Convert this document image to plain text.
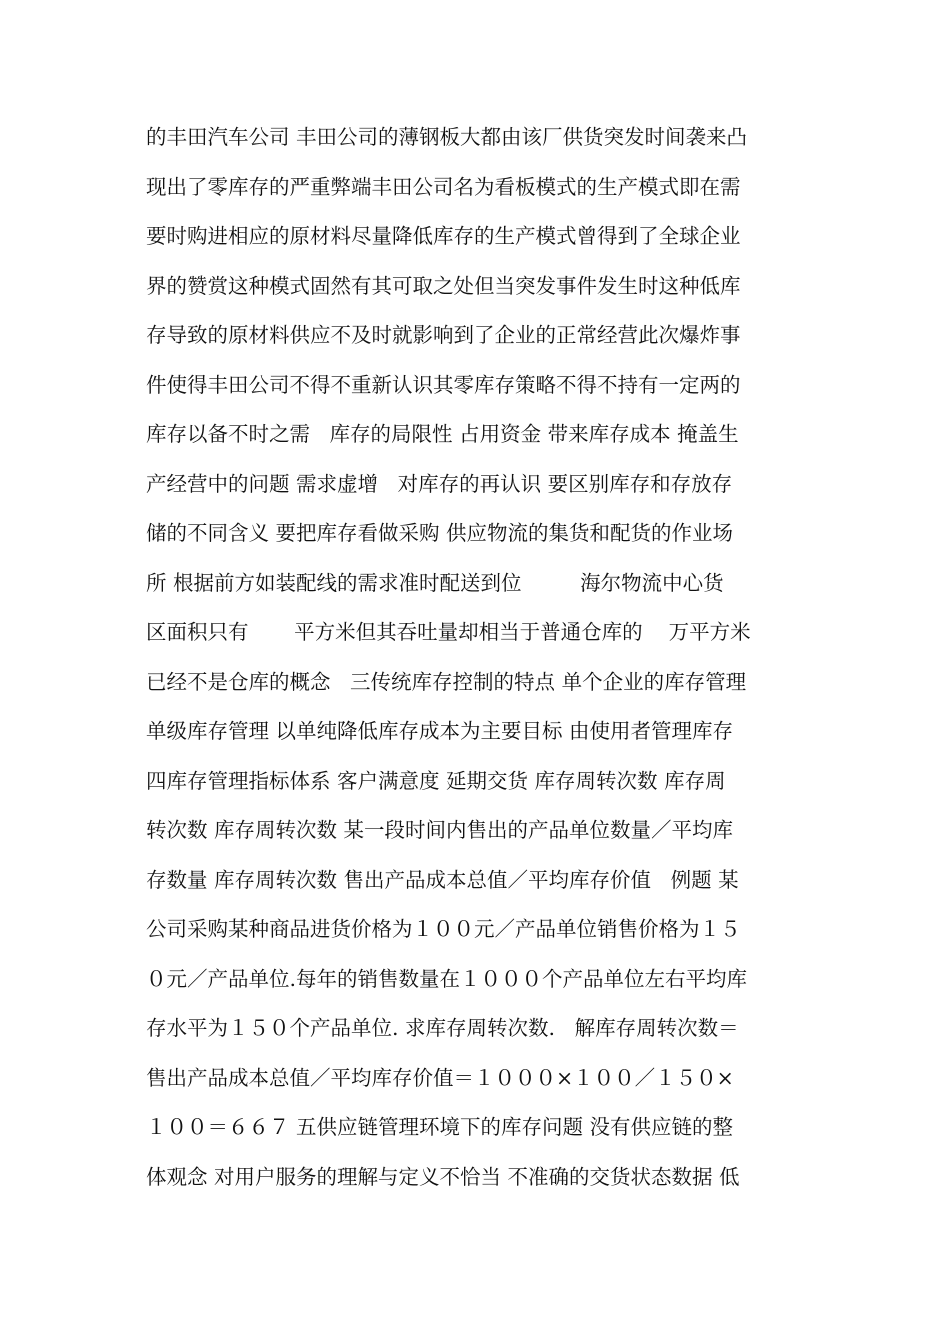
的丰田汽车公司 丰田公司的薄钢板大都由该厂供货突发时间袭来凸
现出了零库存的严重弊端丰田公司名为看板模式的生产模式即在需
要时购进相应的原材料尽量降低库存的生产模式曾得到了全球企业
界的赞赏这种模式固然有其可取之处但当突发事件发生时这种低库
存导致的原材料供应不及时就影响到了企业的正常经营此次爆炸事
件使得丰田公司不得不重新认识其零库存策略不得不持有一定两的
库存以备不时之需   库存的局限性 占用资金 带来库存成本 掩盖生
产经营中的问题 需求虚增   对库存的再认识 要区别库存和存放存
储的不同含义 要把库存看做采购 供应物流的集货和配货的作业场
所 根据前方如装配线的需求准时配送到位         海尔物流中心货
区面积只有       平方米但其吞吐量却相当于普通仓库的    万平方米
已经不是仓库的概念   三传统库存控制的特点 单个企业的库存管理
单级库存管理 以单纯降低库存成本为主要目标 由使用者管理库存
四库存管理指标体系 客户满意度 延期交货 库存周转次数 库存周
转次数 库存周转次数 某一段时间内售出的产品单位数量／平均库
存数量 库存周转次数 售出产品成本总值／平均库存价值   例题 某
公司采购某种商品进货价格为１００元／产品单位销售价格为１５
０元／产品单位.每年的销售数量在１０００个产品单位左右平均库
存水平为１５０个产品单位. 求库存周转次数.   解库存周转次数＝
售出产品成本总值／平均库存价值＝１０００×１００／１５０×
１００＝６６７ 五供应链管理环境下的库存问题 没有供应链的整
体观念 对用户服务的理解与定义不恰当 不准确的交货状态数据 低
